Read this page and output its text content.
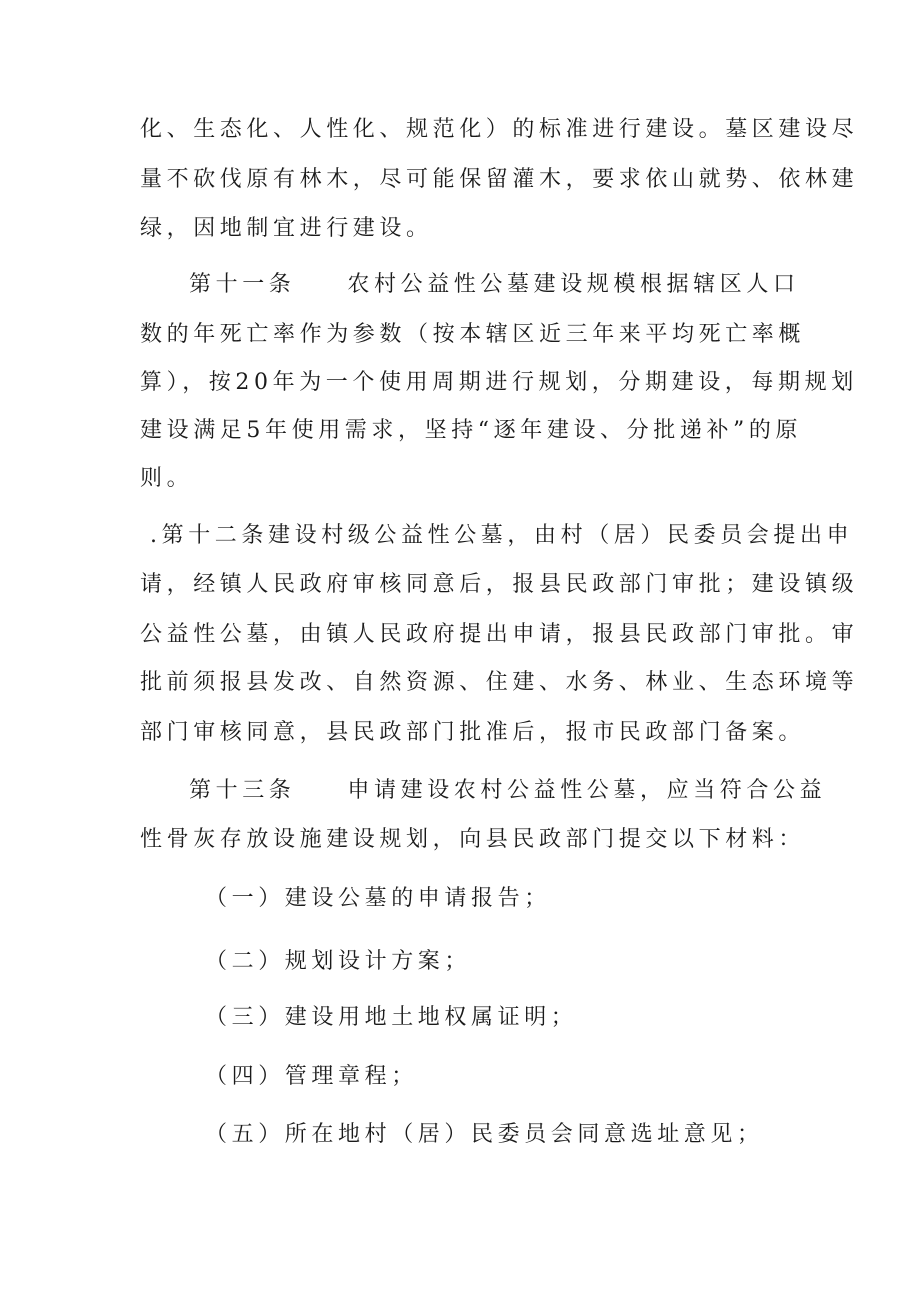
化、生态化、人性化、规范化）的标准进行建设。墓区建设尽
量不砍伐原有林木，尽可能保留灌木，要求依山就势、依林建
绿，因地制宜进行建设。
第十一条 农村公益性公墓建设规模根据辖区人口
数的年死亡率作为参数（按本辖区近三年来平均死亡率概
算），按20年为一个使用周期进行规划，分期建设，每期规划
建设满足5年使用需求，坚持“逐年建设、分批递补”的原
则。
.第十二条建设村级公益性公墓，由村（居）民委员会提出申
请，经镇人民政府审核同意后，报县民政部门审批；建设镇级
公益性公墓，由镇人民政府提出申请，报县民政部门审批。审
批前须报县发改、自然资源、住建、水务、林业、生态环境等
部门审核同意，县民政部门批准后，报市民政部门备案。
第十三条 申请建设农村公益性公墓，应当符合公益
性骨灰存放设施建设规划，向县民政部门提交以下材料：
（一）建设公墓的申请报告；
（二）规划设计方案；
（三）建设用地土地权属证明；
（四）管理章程；
（五）所在地村（居）民委员会同意选址意见；
